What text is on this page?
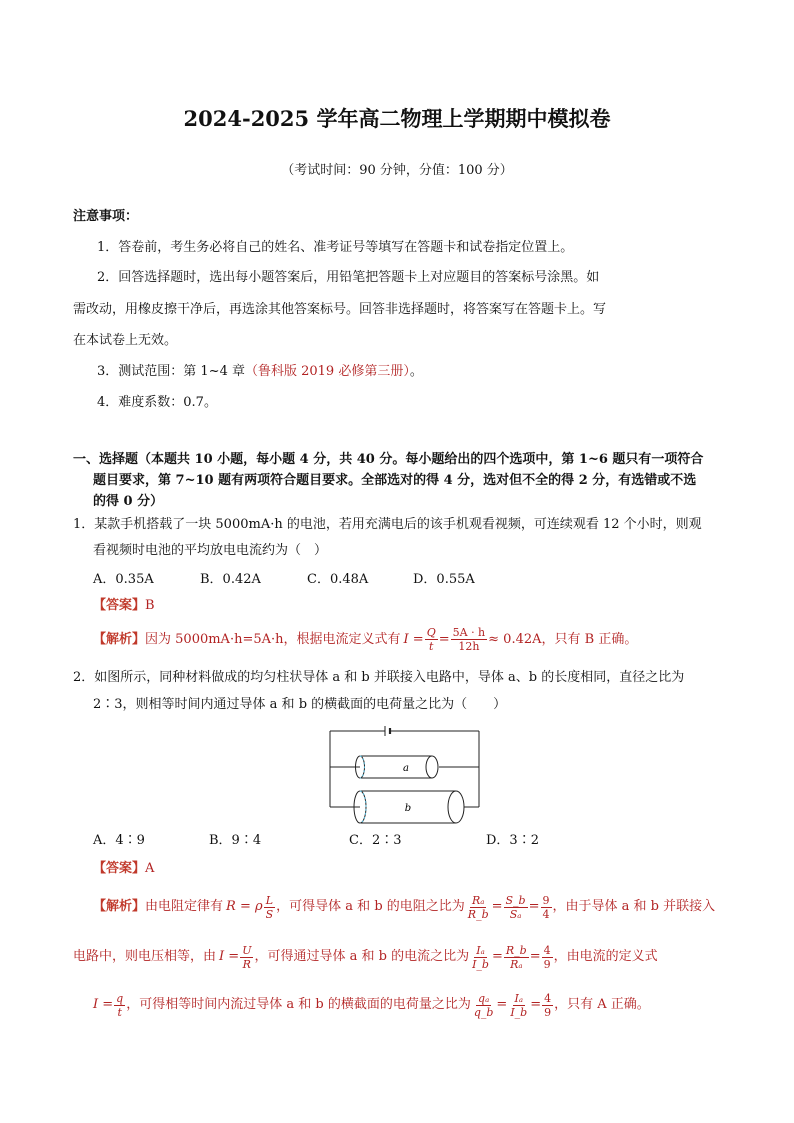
2024-2025 学年高二物理上学期期中模拟卷
（考试时间：90 分钟，分值：100 分）
注意事项：
1．答卷前，考生务必将自己的姓名、准考证号等填写在答题卡和试卷指定位置上。
2．回答选择题时，选出每小题答案后，用铅笔把答题卡上对应题目的答案标号涂黑。如
需改动，用橡皮擦干净后，再选涂其他答案标号。回答非选择题时，将答案写在答题卡上。写
在本试卷上无效。
3．测试范围：第 1~4 章（鲁科版 2019 必修第三册）。
4．难度系数：0.7。
一、选择题（本题共 10 小题，每小题 4 分，共 40 分。每小题给出的四个选项中，第 1~6 题只有一项符合
题目要求，第 7~10 题有两项符合题目要求。全部选对的得 4 分，选对但不全的得 2 分，有选错或不选
的得 0 分）
1．某款手机搭载了一块 5000mA·h 的电池，若用充满电后的该手机观看视频，可连续观看 12 个小时，则观
看视频时电池的平均放电电流约为（　）
A．0.35A	B．0.42A	C．0.48A	D．0.55A
【答案】B
【解析】 因为 5000mA·h=5A·h，根据电流定义式有 $I = \frac{Q}{t} = \frac{5A \cdot h}{12h} \approx 0.42A$ ，只有 B 正确。
2．如图所示，同种材料做成的均匀柱状导体 a 和 b 并联接入电路中，导体 a、b 的长度相同，直径之比为
2∶3，则相等时间内通过导体 a 和 b 的横截面的电荷量之比为（　　）
a
b
A．4∶9	B．9∶4	C．2∶3	D．3∶2
【答案】A
【解析】 由电阻定律有 R = ρ $\frac{L}{S}$ ，可得导体 a 和 b 的电阻之比为 $\frac{\text{Rₐ}}{R\_b} = \frac{S\_b}{\text{Sₐ}} = \frac{9}{4}$ ，由于导体 a 和 b 并联接入
电路中，则电压相等，由 $I = \frac{U}{R}$ ，可得通过导体 a 和 b 的电流之比为 $\frac{\text{Iₐ}}{I\_b} = \frac{R\_b}{\text{Rₐ}} = \frac{4}{9}$ ，由电流的定义式
$I = \frac{q}{t}$ ，可得相等时间内流过导体 a 和 b 的横截面的电荷量之比为 $\frac{\text{qₐ}}{q\_b} = \frac{\text{Iₐ}}{I\_b} = \frac{4}{9}$ ，只有 A 正确。
